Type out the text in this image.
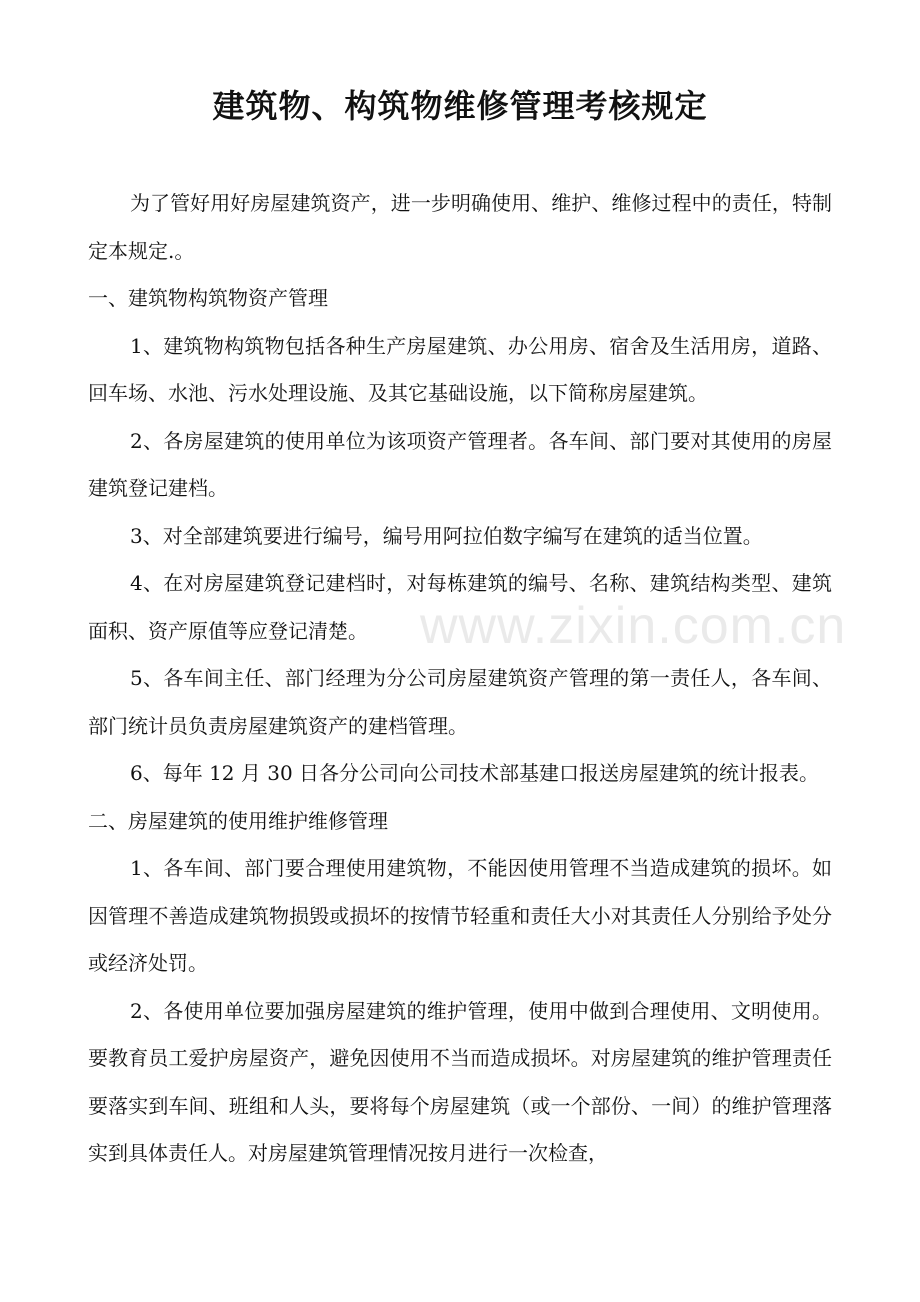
建筑物、构筑物维修管理考核规定

为了管好用好房屋建筑资产，进一步明确使用、维护、维修过程中的责任，特制定本规定.。

一、建筑物构筑物资产管理

1、建筑物构筑物包括各种生产房屋建筑、办公用房、宿舍及生活用房，道路、回车场、水池、污水处理设施、及其它基础设施，以下简称房屋建筑。

2、各房屋建筑的使用单位为该项资产管理者。各车间、部门要对其使用的房屋建筑登记建档。

3、对全部建筑要进行编号，编号用阿拉伯数字编写在建筑的适当位置。

4、在对房屋建筑登记建档时，对每栋建筑的编号、名称、建筑结构类型、建筑面积、资产原值等应登记清楚。

5、各车间主任、部门经理为分公司房屋建筑资产管理的第一责任人，各车间、部门统计员负责房屋建筑资产的建档管理。

6、每年 12 月 30 日各分公司向公司技术部基建口报送房屋建筑的统计报表。

二、房屋建筑的使用维护维修管理

1、各车间、部门要合理使用建筑物，不能因使用管理不当造成建筑的损坏。如因管理不善造成建筑物损毁或损坏的按情节轻重和责任大小对其责任人分别给予处分或经济处罚。

2、各使用单位要加强房屋建筑的维护管理，使用中做到合理使用、文明使用。要教育员工爱护房屋资产，避免因使用不当而造成损坏。对房屋建筑的维护管理责任要落实到车间、班组和人头，要将每个房屋建筑（或一个部份、一间）的维护管理落实到具体责任人。对房屋建筑管理情况按月进行一次检查，

www.zixin.com.cn
